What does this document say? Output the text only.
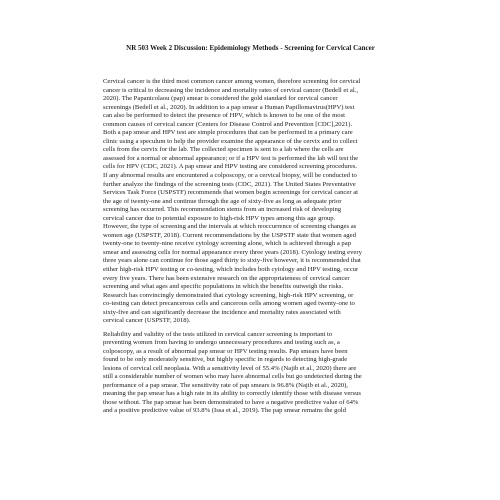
NR 503 Week 2 Discussion: Epidemiology Methods - Screening for Cervical Cancer

Cervical cancer is the third most common cancer among women, therefore screening for cervical
cancer is critical to decreasing the incidence and mortality rates of cervical cancer (Bedell et al.,
2020). The Papanicolaou (pap) smear is considered the gold standard for cervical cancer
screenings (Bedell et al., 2020). In addition to a pap smear a Human Papillomavirus(HPV) test
can also be performed to detect the presence of HPV, which is known to be one of the most
common causes of cervical cancer (Centers for Disease Control and Prevention [CDC],2021).
Both a pap smear and HPV test are simple procedures that can be performed in a primary care
clinic using a speculum to help the provider examine the appearance of the cervix and to collect
cells from the cervix for the lab. The collected specimen is sent to a lab where the cells are
assessed for a normal or abnormal appearance; or if a HPV test is performed the lab will test the
cells for HPV (CDC, 2021). A pap smear and HPV testing are considered screening procedures.
If any abnormal results are encountered a colposcopy, or a cervical biopsy, will be conducted to
further analyze the findings of the screening tests (CDC, 2021). The United States Preventative
Services Task Force (USPSTF) recommends that women begin screenings for cervical cancer at
the age of twenty-one and continue through the age of sixty-five as long as adequate prior
screening has occurred. This recommendation stems from an increased risk of developing
cervical cancer due to potential exposure to high-risk HPV types among this age group.
However, the type of screening and the intervals at which reoccurrence of screening changes as
women age (USPSTF, 2018). Current recommendations by the USPSTF state that women aged
twenty-one to twenty-nine receive cytology screening alone, which is achieved through a pap
smear and assessing cells for normal appearance every three years (2018). Cytology testing every
three years alone can continue for those aged thirty to sixty-five however, it is recommended that
either high-risk HPV testing or co-testing, which includes both cytology and HPV testing, occur
every five years. There has been extensive research on the appropriateness of cervical cancer
screening and what ages and specific populations in which the benefits outweigh the risks.
Research has convincingly demonstrated that cytology screening, high-risk HPV screening, or
co-testing can detect precancerous cells and cancerous cells among women aged twenty-one to
sixty-five and can significantly decrease the incidence and mortality rates associated with
cervical cancer (USPSTF, 2018).

Reliability and validity of the tests utilized in cervical cancer screening is important to
preventing women from having to undergo unnecessary procedures and testing such as, a
colposcopy, as a result of abnormal pap smear or HPV testing results. Pap smears have been
found to be only moderately sensitive, but highly specific in regards to detecting high-grade
lesions of cervical cell neoplasia. With a sensitivity level of 55.4% (Najib et al., 2020) there are
still a considerable number of women who may have abnormal cells but go undetected during the
performance of a pap smear. The sensitivity rate of pap smears is 96.8% (Najib et al., 2020),
meaning the pap smear has a high rate in its ability to correctly identify those with disease versus
those without. The pap smear has been demonstrated to have a negative predictive value of 64%
and a positive predictive value of 93.8% (Issa et al., 2019). The pap smear remains the gold
